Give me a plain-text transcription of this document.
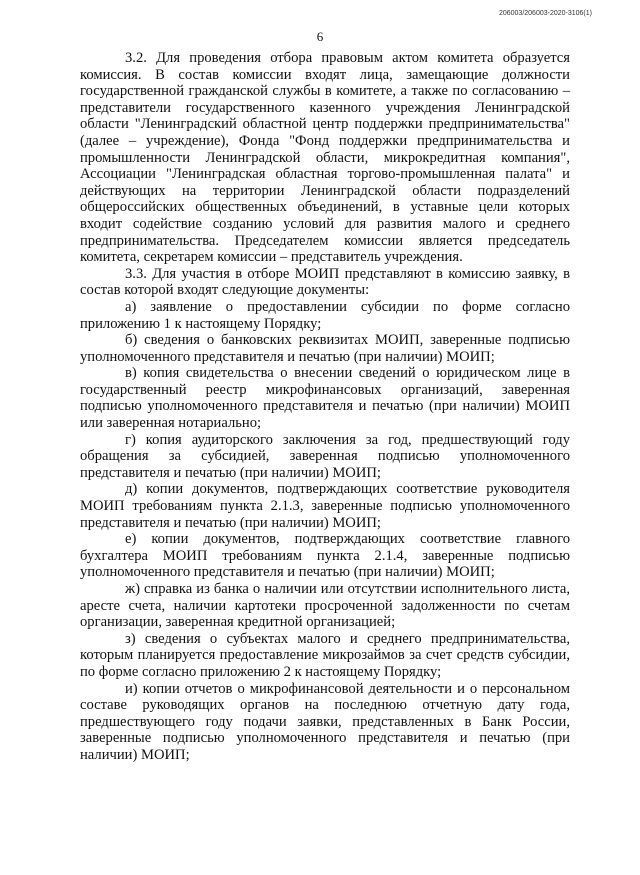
206003/206003-2020-3106(1)
6

3.2. Для проведения отбора правовым актом комитета образуется комиссия. В состав комиссии входят лица, замещающие должности государственной гражданской службы в комитете, а также по согласованию – представители государственного казенного учреждения Ленинградской области "Ленинградский областной центр поддержки предпринимательства" (далее – учреждение), Фонда "Фонд поддержки предпринимательства и промышленности Ленинградской области, микрокредитная компания", Ассоциации "Ленинградская областная торгово-промышленная палата" и действующих на территории Ленинградской области подразделений общероссийских общественных объединений, в уставные цели которых входит содействие созданию условий для развития малого и среднего предпринимательства. Председателем комиссии является председатель комитета, секретарем комиссии – представитель учреждения.

3.3. Для участия в отборе МОИП представляют в комиссию заявку, в состав которой входят следующие документы:

а) заявление о предоставлении субсидии по форме согласно приложению 1 к настоящему Порядку;

б) сведения о банковских реквизитах МОИП, заверенные подписью уполномоченного представителя и печатью (при наличии) МОИП;

в) копия свидетельства о внесении сведений о юридическом лице в государственный реестр микрофинансовых организаций, заверенная подписью уполномоченного представителя и печатью (при наличии) МОИП или заверенная нотариально;

г) копия аудиторского заключения за год, предшествующий году обращения за субсидией, заверенная подписью уполномоченного представителя и печатью (при наличии) МОИП;

д) копии документов, подтверждающих соответствие руководителя МОИП требованиям пункта 2.1.3, заверенные подписью уполномоченного представителя и печатью (при наличии) МОИП;

е) копии документов, подтверждающих соответствие главного бухгалтера МОИП требованиям пункта 2.1.4, заверенные подписью уполномоченного представителя и печатью (при наличии) МОИП;

ж) справка из банка о наличии или отсутствии исполнительного листа, аресте счета, наличии картотеки просроченной задолженности по счетам организации, заверенная кредитной организацией;

з) сведения о субъектах малого и среднего предпринимательства, которым планируется предоставление микрозаймов за счет средств субсидии, по форме согласно приложению 2 к настоящему Порядку;

и) копии отчетов о микрофинансовой деятельности и о персональном составе руководящих органов на последнюю отчетную дату года, предшествующего году подачи заявки, представленных в Банк России, заверенные подписью уполномоченного представителя и печатью (при наличии) МОИП;
